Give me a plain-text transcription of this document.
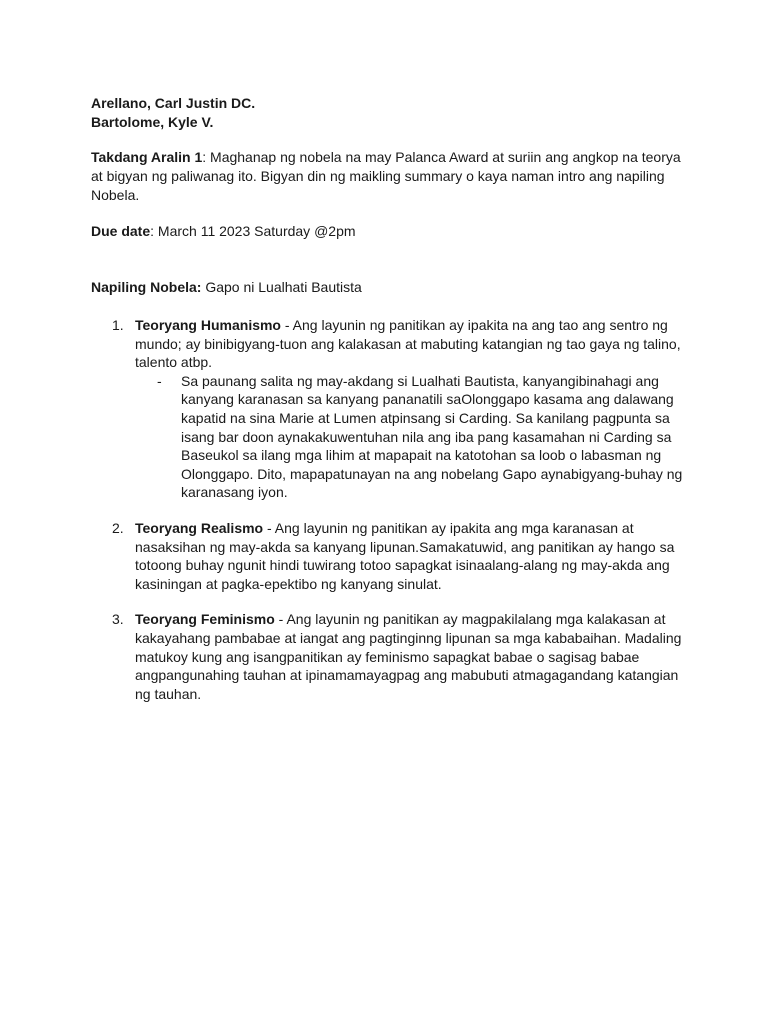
Arellano, Carl Justin DC.
Bartolome, Kyle V.
Takdang Aralin 1: Maghanap ng nobela na may Palanca Award at suriin ang angkop na teorya at bigyan ng paliwanag ito. Bigyan din ng maikling summary o kaya naman intro ang napiling Nobela.
Due date: March 11 2023 Saturday @2pm
Napiling Nobela: Gapo ni Lualhati Bautista
1. Teoryang Humanismo - Ang layunin ng panitikan ay ipakita na ang tao ang sentro ng mundo; ay binibigyang-tuon ang kalakasan at mabuting katangian ng tao gaya ng talino, talento atbp.
- Sa paunang salita ng may-akdang si Lualhati Bautista, kanyangibinahagi ang kanyang karanasan sa kanyang pananatili saOlonggapo kasama ang dalawang kapatid na sina Marie at Lumen atpinsang si Carding. Sa kanilang pagpunta sa isang bar doon aynakakuwentuhan nila ang iba pang kasamahan ni Carding sa Baseukol sa ilang mga lihim at mapapait na katotohan sa loob o labasman ng Olonggapo. Dito, mapapatunayan na ang nobelang Gapo aynabigyang-buhay ng karanasang iyon.
2. Teoryang Realismo - Ang layunin ng panitikan ay ipakita ang mga karanasan at nasaksihan ng may-akda sa kanyang lipunan.Samakatuwid, ang panitikan ay hango sa totoong buhay ngunit hindi tuwirang totoo sapagkat isinaalang-alang ng may-akda ang kasiningan at pagka-epektibo ng kanyang sinulat.
3. Teoryang Feminismo - Ang layunin ng panitikan ay magpakilalang mga kalakasan at kakayahang pambabae at iangat ang pagtinginng lipunan sa mga kababaihan. Madaling matukoy kung ang isangpanitikan ay feminismo sapagkat babae o sagisag babae angpangunahing tauhan at ipinamamayagpag ang mabubuti atmagagandang katangian ng tauhan.
